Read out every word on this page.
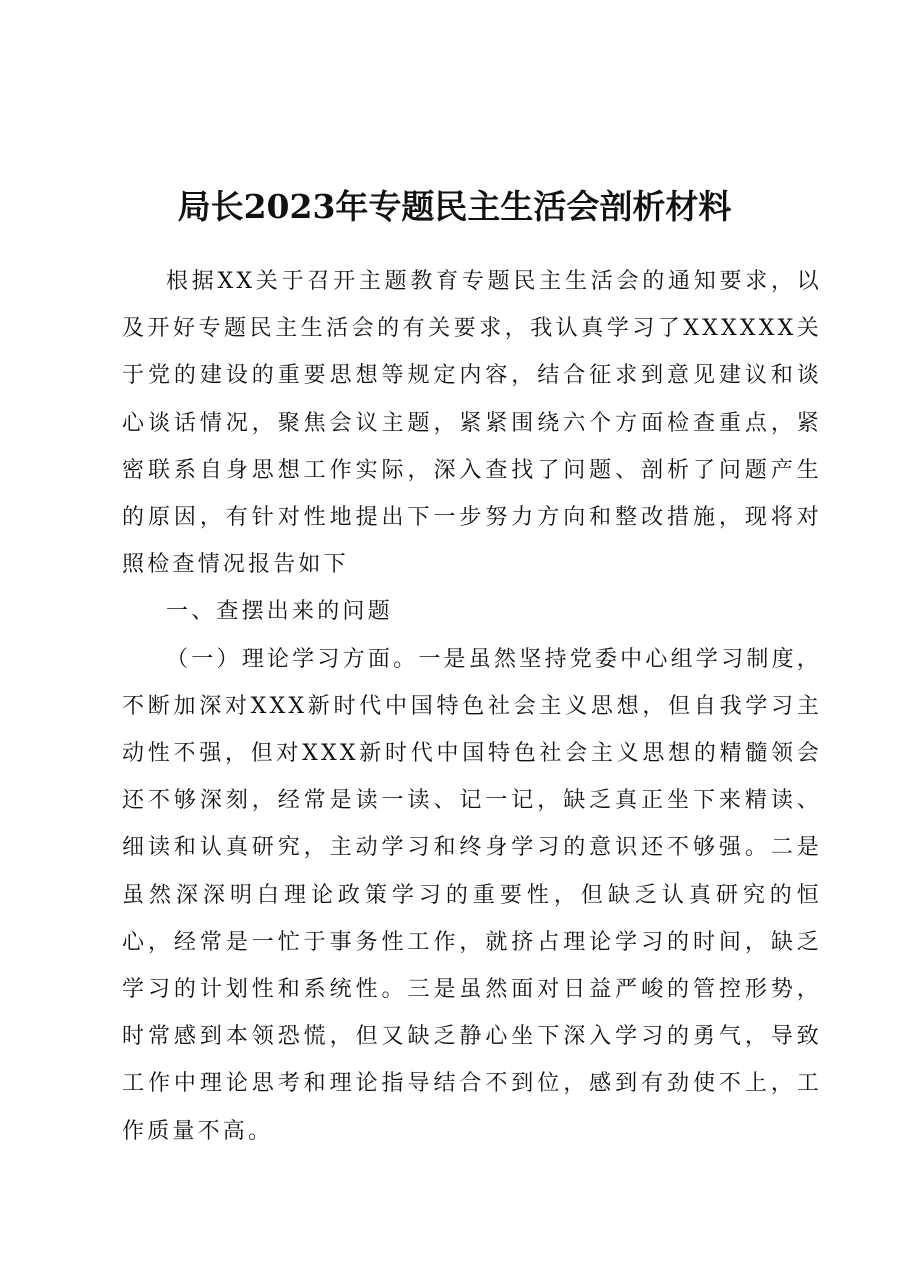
局长2023年专题民主生活会剖析材料

根据XX关于召开主题教育专题民主生活会的通知要求，以及开好专题民主生活会的有关要求，我认真学习了XXXXXX关于党的建设的重要思想等规定内容，结合征求到意见建议和谈心谈话情况，聚焦会议主题，紧紧围绕六个方面检查重点，紧密联系自身思想工作实际，深入查找了问题、剖析了问题产生的原因，有针对性地提出下一步努力方向和整改措施，现将对照检查情况报告如下

一、查摆出来的问题

（一）理论学习方面。一是虽然坚持党委中心组学习制度，不断加深对XXX新时代中国特色社会主义思想，但自我学习主动性不强，但对XXX新时代中国特色社会主义思想的精髓领会还不够深刻，经常是读一读、记一记，缺乏真正坐下来精读、细读和认真研究，主动学习和终身学习的意识还不够强。二是虽然深深明白理论政策学习的重要性，但缺乏认真研究的恒心，经常是一忙于事务性工作，就挤占理论学习的时间，缺乏学习的计划性和系统性。三是虽然面对日益严峻的管控形势，时常感到本领恐慌，但又缺乏静心坐下深入学习的勇气，导致工作中理论思考和理论指导结合不到位，感到有劲使不上，工作质量不高。
